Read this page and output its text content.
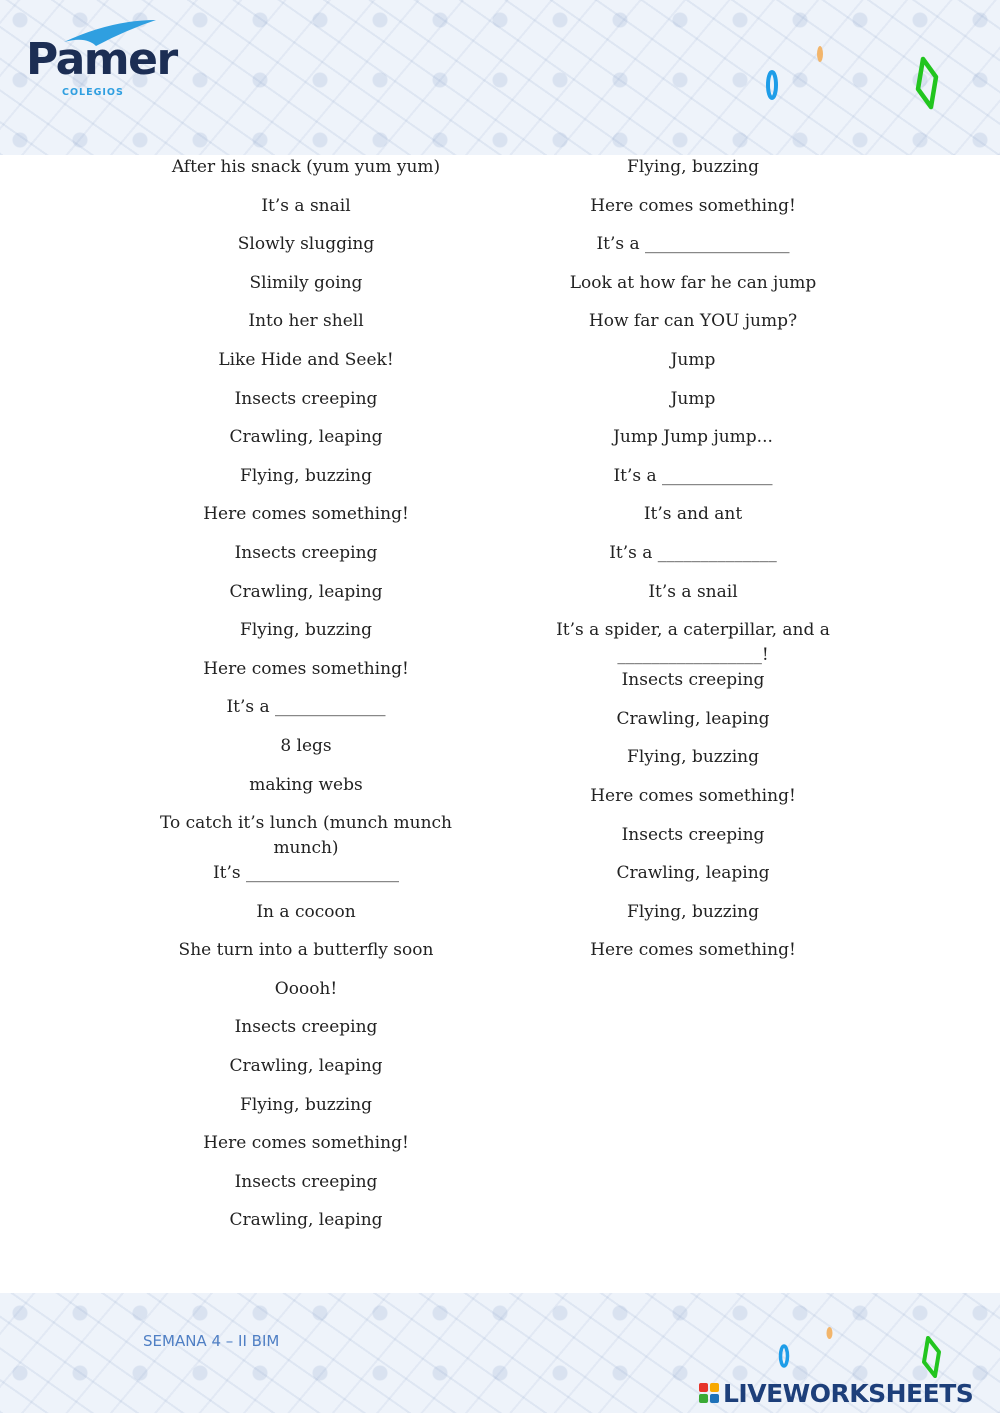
Pamer
COLEGIOS
After his snack (yum yum yum)
It’s a snail
Slowly slugging
Slimily going
Into her shell
Like Hide and Seek!
Insects creeping
Crawling, leaping
Flying, buzzing
Here comes something!
Insects creeping
Crawling, leaping
Flying, buzzing
Here comes something!
It’s a _____________
8 legs
making webs
To catch it’s lunch (munch munch
munch)
It’s __________________
In a cocoon
She turn into a butterfly soon
Ooooh!
Insects creeping
Crawling, leaping
Flying, buzzing
Here comes something!
Insects creeping
Crawling, leaping
Flying, buzzing
Here comes something!
It’s a _________________
Look at how far he can jump
How far can YOU jump?
Jump
Jump
Jump Jump jump...
It’s a _____________
It’s and ant
It’s a ______________
It’s a snail
It’s a spider, a caterpillar, and a
_________________!
Insects creeping
Crawling, leaping
Flying, buzzing
Here comes something!
Insects creeping
Crawling, leaping
Flying, buzzing
Here comes something!
SEMANA 4 – II BIM
LIVEWORKSHEETS
